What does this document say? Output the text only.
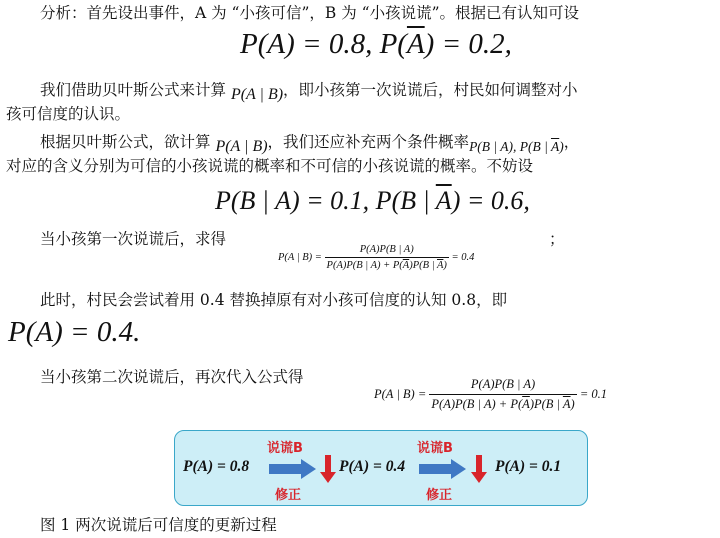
分析：首先设出事件，A 为 “小孩可信”，B 为 “小孩说谎”。根据已有认知可设
P(A) = 0.8, $P(\overline{A}) = 0.2$,
我们借助贝叶斯公式来计算 P(A | B)，即小孩第一次说谎后，村民如何调整对小
孩可信度的认识。
根据贝叶斯公式，欲计算 P(A | B)，我们还应补充两个条件概率P(B | A), P(B | $\overline{A}$)，
对应的含义分别为可信的小孩说谎的概率和不可信的小孩说谎的概率。不妨设
P(B | A) = 0.1, P(B | $\overline{A}) = 0.6$,
当小孩第一次说谎后，求得	；
P(A | $B) = \frac{P(A)P(B | A)}{P(A)P(B | A) + P(\overline{A})P(B | \overline{A})} = 0.4$
此时，村民会尝试着用 0.4 替换掉原有对小孩可信度的认知 0.8，即
P(A) = 0.4.
当小孩第二次说谎后，再次代入公式得
P(A | $B) = \frac{P(A)P(B | A)}{P(A)P(B | A) + P(\overline{A})P(B | \overline{A})} = 0.1$
说谎B	说谎B
P(A) = 0.8	P(A) = 0.4	P(A) = 0.1
修正	修正
图 1 两次说谎后可信度的更新过程
